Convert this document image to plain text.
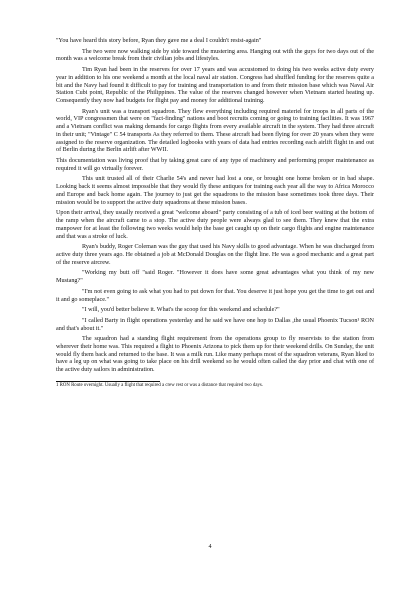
"You have heard this story before, Ryan they gave me a deal I couldn't resist-again"

The two were now walking side by side toward the mustering area. Hanging out with the guys for two days out of the month was a welcome break from their civilian jobs and lifestyles.

Tim Ryan had been in the reserves for over 17 years and was accustomed to doing his two weeks active duty every year in addition to his one weekend a month at the local naval air station. Congress had shuffled funding for the reserves quite a bit and the Navy had found it difficult to pay for training and transportation to and from their mission base which was Naval Air Station Cubi point, Republic of the Philippines. The value of the reserves changed however when Vietnam started heating up. Consequently they now had budgets for flight pay and money for additional training.

Ryan's unit was a transport squadron. They flew everything including required materiel for troops in all parts of the world, VIP congressmen that were on "fact-finding" nations and boot recruits coming or going to training facilities. It was 1967 and a Vietnam conflict was making demands for cargo flights from every available aircraft in the system. They had three aircraft in their unit; "Vintage" C 54 transports As they referred to them. These aircraft had been flying for over 20 years when they were assigned to the reserve organization. The detailed logbooks with years of data had entries recording each airlift flight in and out of Berlin during the Berlin airlift after WWII.

This documentation was living proof that by taking great care of any type of machinery and performing proper maintenance as required it will go virtually forever.

This unit trusted all of their Charlie 54's and never had lost a one, or brought one home broken or in bad shape. Looking back it seems almost impossible that they would fly these antiques for training each year all the way to Africa Morocco and Europe and back home again. The journey to just get the squadrons to the mission base sometimes took three days. Their mission would be to support the active duty squadrons at these mission bases.

Upon their arrival, they usually received a great "welcome aboard" party consisting of a tub of iced beer waiting at the bottom of the ramp when the aircraft came to a stop. The active duty people were always glad to see them. They knew that the extra manpower for at least the following two weeks would help the base get caught up on their cargo flights and engine maintenance and that was a stroke of luck.

Ryan's buddy, Roger Coleman was the guy that used his Navy skills to good advantage. When he was discharged from active duty three years ago. He obtained a job at McDonald Douglas on the flight line. He was a good mechanic and a great part of the reserve aircrew.

"Working my butt off "said Roger. "However it does have some great advantages what you think of my new Mustang?"

"I'm not even going to ask what you had to put down for that. You deserve it just hope you get the time to get out and it and go someplace."

"I will, you'd better believe it. What's the scoop for this weekend and schedule?"

"I called Barty in flight operations yesterday and he said we have one hop to Dallas ,the usual Phoenix Tucson¹ RON and that's about it."

The squadron had a standing flight requirement from the operations group to fly reservists to the station from wherever their home was. This required a flight to Phoenix Arizona to pick them up for their weekend drills. On Sunday, the unit would fly them back and returned to the base. It was a milk run. Like many perhaps most of the squadron veterans, Ryan liked to have a leg up on what was going to take place on his drill weekend so he would often called the day prior and chat with one of the active duty sailors in administration.

1 RON Route overnight. Usually a flight that required a crew rest or was a distance that required two days.
4
